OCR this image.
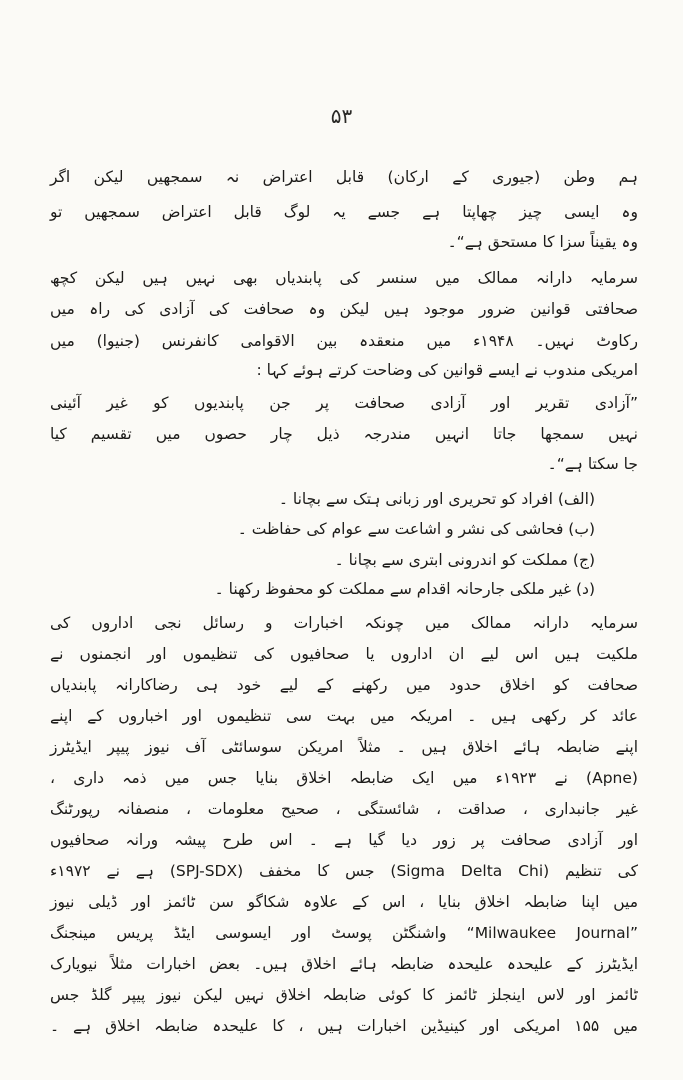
۵۳
ہم وطن (جیوری کے ارکان) قابل اعتراض نہ سمجھیں لیکن اگر
وہ ایسی چیز چھاپتا ہے جسے یہ لوگ قابل اعتراض سمجھیں تو
وہ یقیناً سزا کا مستحق ہے“۔
سرمایہ دارانہ ممالک میں سنسر کی پابندیاں بھی نہیں ہیں لیکن کچھ
صحافتی قوانین ضرور موجود ہیں لیکن وہ صحافت کی آزادی کی راہ میں
رکاوٹ نہیں۔ ۱۹۴۸ء میں منعقدہ بین الاقوامی کانفرنس (جنیوا) میں
امریکی مندوب نے ایسے قوانین کی وضاحت کرتے ہوئے کہا :
”آزادی تقریر اور آزادی صحافت پر جن پابندیوں کو غیر آئینی
نہیں سمجھا جاتا انہیں مندرجہ ذیل چار حصوں میں تقسیم کیا
جا سکتا ہے“۔
(الف) افراد کو تحریری اور زبانی ہتک سے بچانا ۔
(ب) فحاشی کی نشر و اشاعت سے عوام کی حفاظت ۔
(ج) مملکت کو اندرونی ابتری سے بچانا ۔
(د) غیر ملکی جارحانہ اقدام سے مملکت کو محفوظ رکھنا ۔
سرمایہ دارانہ ممالک میں چونکہ اخبارات و رسائل نجی اداروں کی
ملکیت ہیں اس لیے ان اداروں یا صحافیوں کی تنظیموں اور انجمنوں نے
صحافت کو اخلاق حدود میں رکھنے کے لیے خود ہی رضاکارانہ پابندیاں
عائد کر رکھی ہیں ۔ امریکہ میں بہت سی تنظیموں اور اخباروں کے اپنے
اپنے ضابطہ ہائے اخلاق ہیں ۔ مثلاً امریکن سوسائٹی آف نیوز پیپر ایڈیٹرز
(Apne) نے ۱۹۲۳ء میں ایک ضابطہ اخلاق بنایا جس میں ذمہ داری ،
غیر جانبداری ، صداقت ، شائستگی ، صحیح معلومات ، منصفانہ رپورٹنگ
اور آزادی صحافت پر زور دیا گیا ہے ۔ اس طرح پیشہ ورانہ صحافیوں
کی تنظیم (Sigma Delta Chi) جس کا مخفف (SPJ-SDX) ہے نے ۱۹۷۲ء
میں اپنا ضابطہ اخلاق بنایا ، اس کے علاوہ شکاگو سن ٹائمز اور ڈیلی نیوز
”Milwaukee Journal“ واشنگٹن پوسٹ اور ایسوسی ایٹڈ پریس مینجنگ
ایڈیٹرز کے علیحدہ علیحدہ ضابطہ ہائے اخلاق ہیں۔ بعض اخبارات مثلاً نیویارک
ٹائمز اور لاس اینجلز ٹائمز کا کوئی ضابطہ اخلاق نہیں لیکن نیوز پیپر گلڈ جس
میں ۱۵۵ امریکی اور کینیڈین اخبارات ہیں ، کا علیحدہ ضابطہ اخلاق ہے ۔
